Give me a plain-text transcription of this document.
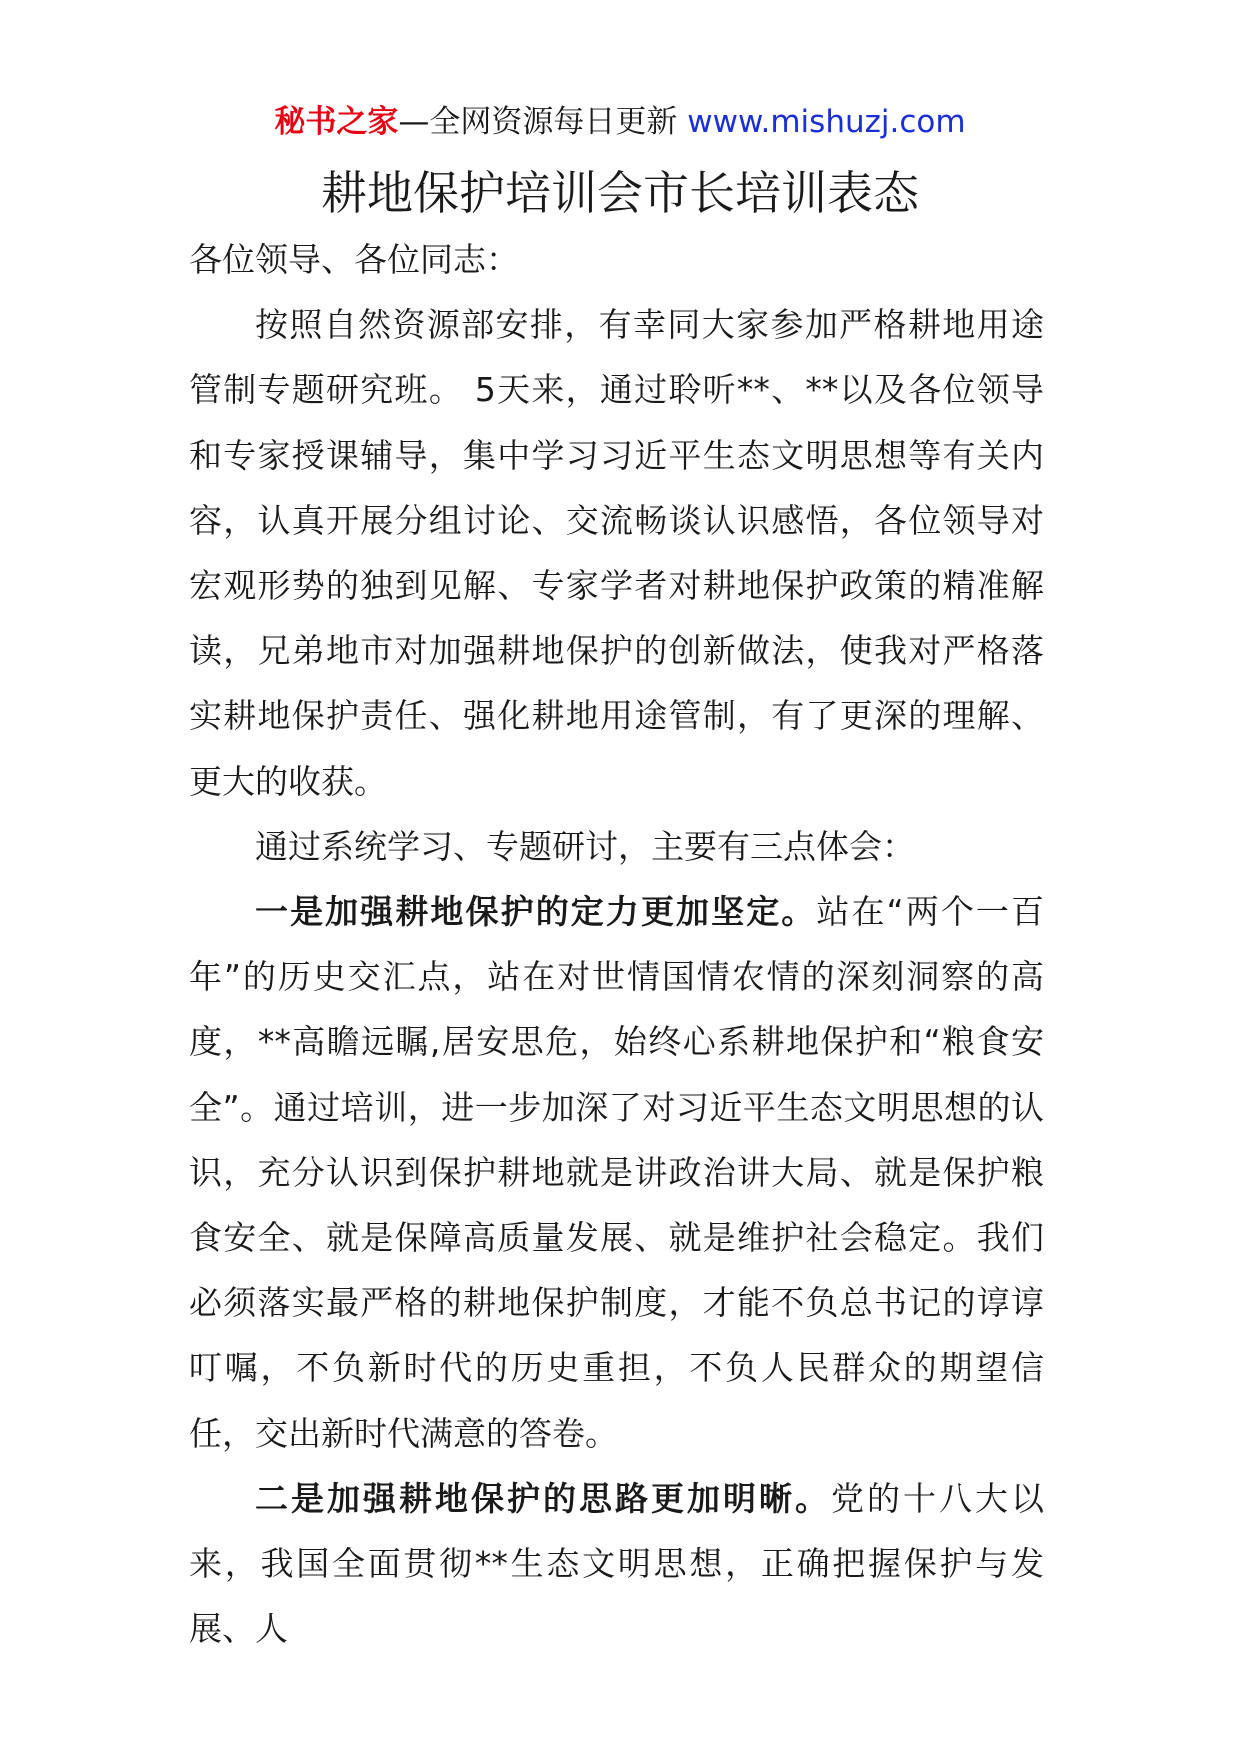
秘书之家—全网资源每日更新 www.mishuzj.com
耕地保护培训会市长培训表态

各位领导、各位同志：

按照自然资源部安排，有幸同大家参加严格耕地用途管制专题研究班。 5天来，通过聆听**、**以及各位领导和专家授课辅导，集中学习习近平生态文明思想等有关内容，认真开展分组讨论、交流畅谈认识感悟，各位领导对宏观形势的独到见解、专家学者对耕地保护政策的精准解读，兄弟地市对加强耕地保护的创新做法，使我对严格落实耕地保护责任、强化耕地用途管制，有了更深的理解、更大的收获。

通过系统学习、专题研讨，主要有三点体会：

一是加强耕地保护的定力更加坚定。站在“两个一百年”的历史交汇点，站在对世情国情农情的深刻洞察的高度，**高瞻远瞩,居安思危，始终心系耕地保护和“粮食安全”。通过培训，进一步加深了对习近平生态文明思想的认识，充分认识到保护耕地就是讲政治讲大局、就是保护粮食安全、就是保障高质量发展、就是维护社会稳定。我们必须落实最严格的耕地保护制度，才能不负总书记的谆谆叮嘱，不负新时代的历史重担，不负人民群众的期望信任，交出新时代满意的答卷。

二是加强耕地保护的思路更加明晰。党的十八大以来，我国全面贯彻**生态文明思想，正确把握保护与发展、人
